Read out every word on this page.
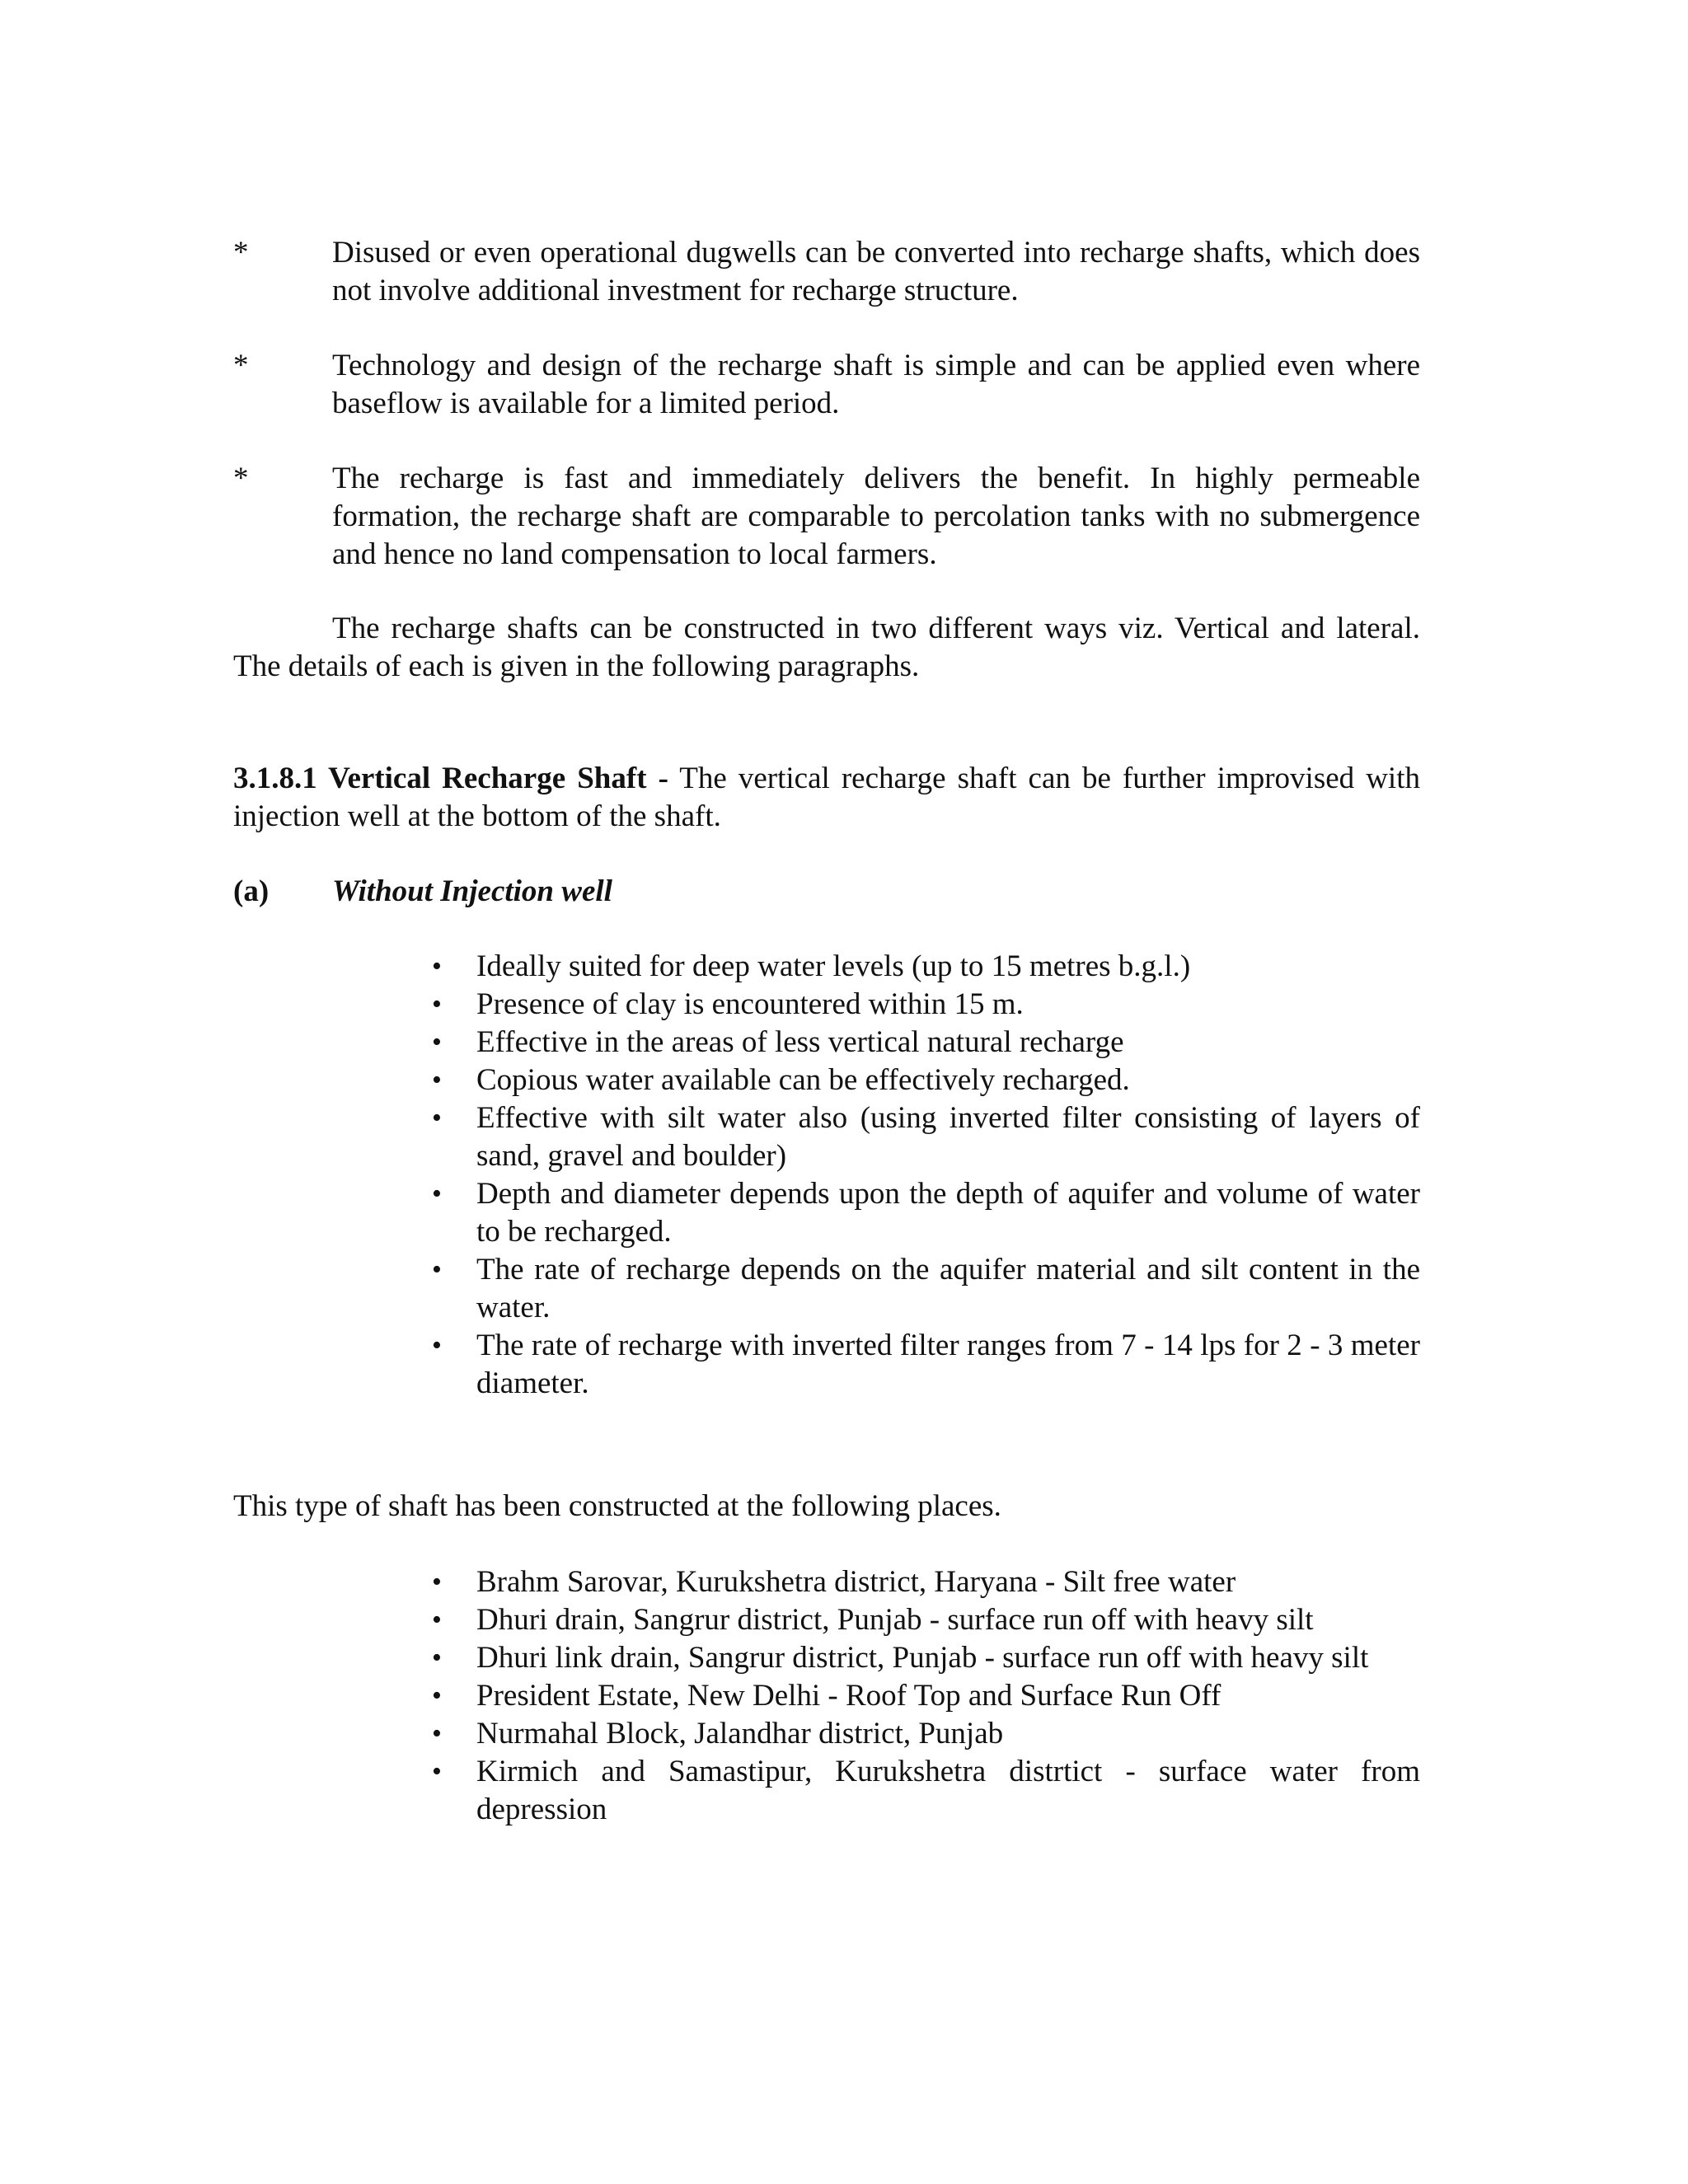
*	Disused or even operational dugwells can be converted into recharge shafts, which does not involve additional investment for recharge structure.
*	Technology and design of the recharge shaft is simple and can be applied even where baseflow is available for a limited period.
*	The recharge is fast and immediately delivers the benefit. In highly permeable formation, the recharge shaft are comparable to percolation tanks with no submergence and hence no land compensation to local farmers.
The recharge shafts can be constructed in two different ways viz. Vertical and lateral. The details of each is given in the following paragraphs.
3.1.8.1 Vertical Recharge Shaft - The vertical recharge shaft can be further improvised with injection well at the bottom of the shaft.
(a) Without Injection well
• Ideally suited for deep water levels (up to 15 metres b.g.l.)
• Presence of clay is encountered within 15 m.
• Effective in the areas of less vertical natural recharge
• Copious water available can be effectively recharged.
• Effective with silt water also (using inverted filter consisting of layers of sand, gravel and boulder)
• Depth and diameter depends upon the depth of aquifer and volume of water to be recharged.
• The rate of recharge depends on the aquifer material and silt content in the water.
• The rate of recharge with inverted filter ranges from 7 - 14 lps for 2 - 3 meter diameter.
This type of shaft has been constructed at the following places.
• Brahm Sarovar, Kurukshetra district, Haryana - Silt free water
• Dhuri drain, Sangrur district, Punjab - surface run off with heavy silt
• Dhuri link drain, Sangrur district, Punjab - surface run off with heavy silt
• President Estate, New Delhi - Roof Top and Surface Run Off
• Nurmahal Block, Jalandhar district, Punjab
• Kirmich and Samastipur, Kurukshetra distrtict - surface water from depression
